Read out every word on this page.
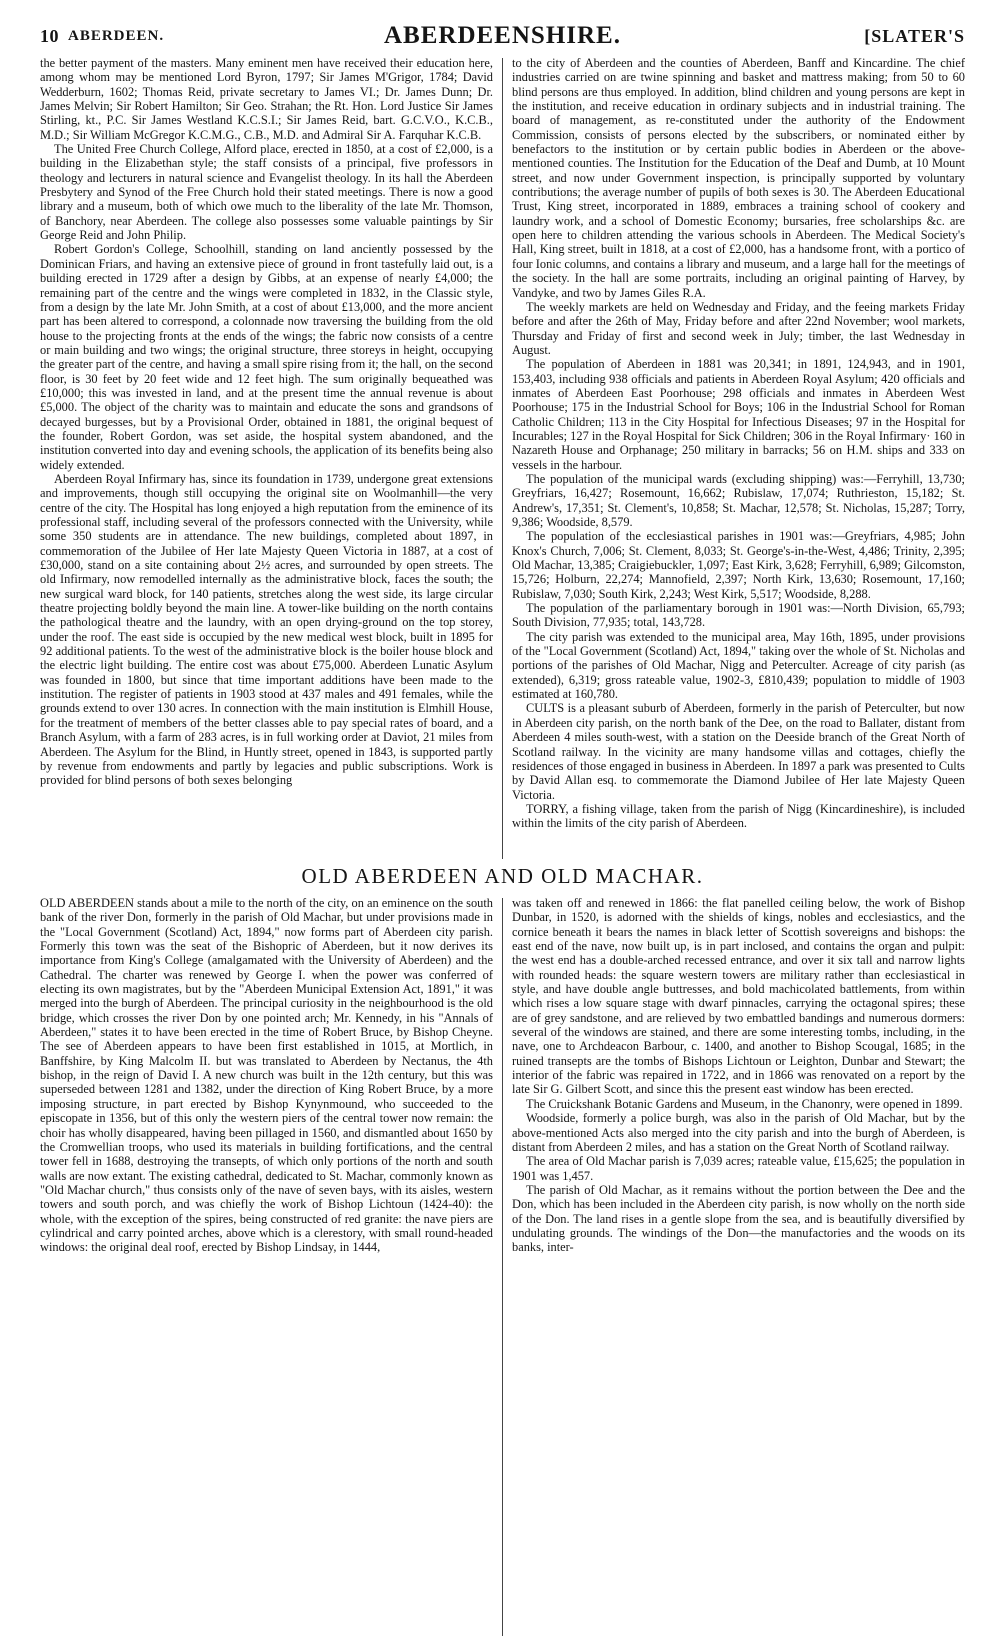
10 ABERDEEN.	ABERDEENSHIRE.	[SLATER'S

the better payment of the masters. Many eminent men have received their education here, among whom may be mentioned Lord Byron, 1797; Sir James M'Grigor, 1784; David Wedderburn, 1602; Thomas Reid, private secretary to James VI.; Dr. James Dunn; Dr. James Melvin; Sir Robert Hamilton; Sir Geo. Strahan; the Rt. Hon. Lord Justice Sir James Stirling, kt., P.C. Sir James Westland K.C.S.I.; Sir James Reid, bart. G.C.V.O., K.C.B., M.D.; Sir William McGregor K.C.M.G., C.B., M.D. and Admiral Sir A. Farquhar K.C.B.

The United Free Church College, Alford place, erected in 1850, at a cost of £2,000, is a building in the Elizabethan style; the staff consists of a principal, five professors in theology and lecturers in natural science and Evangelist theology. In its hall the Aberdeen Presbytery and Synod of the Free Church hold their stated meetings. There is now a good library and a museum, both of which owe much to the liberality of the late Mr. Thomson, of Banchory, near Aberdeen. The college also possesses some valuable paintings by Sir George Reid and John Philip.

Robert Gordon's College, Schoolhill, standing on land anciently possessed by the Dominican Friars, and having an extensive piece of ground in front tastefully laid out, is a building erected in 1729 after a design by Gibbs, at an expense of nearly £4,000; the remaining part of the centre and the wings were completed in 1832, in the Classic style, from a design by the late Mr. John Smith, at a cost of about £13,000, and the more ancient part has been altered to correspond, a colonnade now traversing the building from the old house to the projecting fronts at the ends of the wings; the fabric now consists of a centre or main building and two wings; the original structure, three storeys in height, occupying the greater part of the centre, and having a small spire rising from it; the hall, on the second floor, is 30 feet by 20 feet wide and 12 feet high. The sum originally bequeathed was £10,000; this was invested in land, and at the present time the annual revenue is about £5,000. The object of the charity was to maintain and educate the sons and grandsons of decayed burgesses, but by a Provisional Order, obtained in 1881, the original bequest of the founder, Robert Gordon, was set aside, the hospital system abandoned, and the institution converted into day and evening schools, the application of its benefits being also widely extended.

Aberdeen Royal Infirmary has, since its foundation in 1739, undergone great extensions and improvements, though still occupying the original site on Woolmanhill—the very centre of the city. The Hospital has long enjoyed a high reputation from the eminence of its professional staff, including several of the professors connected with the University, while some 350 students are in attendance. The new buildings, completed about 1897, in commemoration of the Jubilee of Her late Majesty Queen Victoria in 1887, at a cost of £30,000, stand on a site containing about 2½ acres, and surrounded by open streets. The old Infirmary, now remodelled internally as the administrative block, faces the south; the new surgical ward block, for 140 patients, stretches along the west side, its large circular theatre projecting boldly beyond the main line. A tower-like building on the north contains the pathological theatre and the laundry, with an open drying-ground on the top storey, under the roof. The east side is occupied by the new medical west block, built in 1895 for 92 additional patients. To the west of the administrative block is the boiler house block and the electric light building. The entire cost was about £75,000. Aberdeen Lunatic Asylum was founded in 1800, but since that time important additions have been made to the institution. The register of patients in 1903 stood at 437 males and 491 females, while the grounds extend to over 130 acres. In connection with the main institution is Elmhill House, for the treatment of members of the better classes able to pay special rates of board, and a Branch Asylum, with a farm of 283 acres, is in full working order at Daviot, 21 miles from Aberdeen. The Asylum for the Blind, in Huntly street, opened in 1843, is supported partly by revenue from endowments and partly by legacies and public subscriptions. Work is provided for blind persons of both sexes belonging

to the city of Aberdeen and the counties of Aberdeen, Banff and Kincardine. The chief industries carried on are twine spinning and basket and mattress making; from 50 to 60 blind persons are thus employed. In addition, blind children and young persons are kept in the institution, and receive education in ordinary subjects and in industrial training. The board of management, as re-constituted under the authority of the Endowment Commission, consists of persons elected by the subscribers, or nominated either by benefactors to the institution or by certain public bodies in Aberdeen or the above-mentioned counties. The Institution for the Education of the Deaf and Dumb, at 10 Mount street, and now under Government inspection, is principally supported by voluntary contributions; the average number of pupils of both sexes is 30. The Aberdeen Educational Trust, King street, incorporated in 1889, embraces a training school of cookery and laundry work, and a school of Domestic Economy; bursaries, free scholarships &c. are open here to children attending the various schools in Aberdeen. The Medical Society's Hall, King street, built in 1818, at a cost of £2,000, has a handsome front, with a portico of four Ionic columns, and contains a library and museum, and a large hall for the meetings of the society. In the hall are some portraits, including an original painting of Harvey, by Vandyke, and two by James Giles R.A.

The weekly markets are held on Wednesday and Friday, and the feeing markets Friday before and after the 26th of May, Friday before and after 22nd November; wool markets, Thursday and Friday of first and second week in July; timber, the last Wednesday in August.

The population of Aberdeen in 1881 was 20,341; in 1891, 124,943, and in 1901, 153,403, including 938 officials and patients in Aberdeen Royal Asylum; 420 officials and inmates of Aberdeen East Poorhouse; 298 officials and inmates in Aberdeen West Poorhouse; 175 in the Industrial School for Boys; 106 in the Industrial School for Roman Catholic Children; 113 in the City Hospital for Infectious Diseases; 97 in the Hospital for Incurables; 127 in the Royal Hospital for Sick Children; 306 in the Royal Infirmary· 160 in Nazareth House and Orphanage; 250 military in barracks; 56 on H.M. ships and 333 on vessels in the harbour.

The population of the municipal wards (excluding shipping) was:—Ferryhill, 13,730; Greyfriars, 16,427; Rosemount, 16,662; Rubislaw, 17,074; Ruthrieston, 15,182; St. Andrew's, 17,351; St. Clement's, 10,858; St. Machar, 12,578; St. Nicholas, 15,287; Torry, 9,386; Woodside, 8,579.

The population of the ecclesiastical parishes in 1901 was:—Greyfriars, 4,985; John Knox's Church, 7,006; St. Clement, 8,033; St. George's-in-the-West, 4,486; Trinity, 2,395; Old Machar, 13,385; Craigiebuckler, 1,097; East Kirk, 3,628; Ferryhill, 6,989; Gilcomston, 15,726; Holburn, 22,274; Mannofield, 2,397; North Kirk, 13,630; Rosemount, 17,160; Rubislaw, 7,030; South Kirk, 2,243; West Kirk, 5,517; Woodside, 8,288.

The population of the parliamentary borough in 1901 was:—North Division, 65,793; South Division, 77,935; total, 143,728.

The city parish was extended to the municipal area, May 16th, 1895, under provisions of the "Local Government (Scotland) Act, 1894," taking over the whole of St. Nicholas and portions of the parishes of Old Machar, Nigg and Peterculter. Acreage of city parish (as extended), 6,319; gross rateable value, 1902-3, £810,439; population to middle of 1903 estimated at 160,780.

CULTS is a pleasant suburb of Aberdeen, formerly in the parish of Peterculter, but now in Aberdeen city parish, on the north bank of the Dee, on the road to Ballater, distant from Aberdeen 4 miles south-west, with a station on the Deeside branch of the Great North of Scotland railway. In the vicinity are many handsome villas and cottages, chiefly the residences of those engaged in business in Aberdeen. In 1897 a park was presented to Cults by David Allan esq. to commemorate the Diamond Jubilee of Her late Majesty Queen Victoria.

TORRY, a fishing village, taken from the parish of Nigg (Kincardineshire), is included within the limits of the city parish of Aberdeen.

OLD ABERDEEN AND OLD MACHAR.

OLD ABERDEEN stands about a mile to the north of the city, on an eminence on the south bank of the river Don, formerly in the parish of Old Machar, but under provisions made in the "Local Government (Scotland) Act, 1894," now forms part of Aberdeen city parish. Formerly this town was the seat of the Bishopric of Aberdeen, but it now derives its importance from King's College (amalgamated with the University of Aberdeen) and the Cathedral. The charter was renewed by George I. when the power was conferred of electing its own magistrates, but by the "Aberdeen Municipal Extension Act, 1891," it was merged into the burgh of Aberdeen. The principal curiosity in the neighbourhood is the old bridge, which crosses the river Don by one pointed arch; Mr. Kennedy, in his "Annals of Aberdeen," states it to have been erected in the time of Robert Bruce, by Bishop Cheyne. The see of Aberdeen appears to have been first established in 1015, at Mortlich, in Banffshire, by King Malcolm II. but was translated to Aberdeen by Nectanus, the 4th bishop, in the reign of David I. A new church was built in the 12th century, but this was superseded between 1281 and 1382, under the direction of King Robert Bruce, by a more imposing structure, in part erected by Bishop Kynynmound, who succeeded to the episcopate in 1356, but of this only the western piers of the central tower now remain: the choir has wholly disappeared, having been pillaged in 1560, and dismantled about 1650 by the Cromwellian troops, who used its materials in building fortifications, and the central tower fell in 1688, destroying the transepts, of which only portions of the north and south walls are now extant. The existing cathedral, dedicated to St. Machar, commonly known as "Old Machar church," thus consists only of the nave of seven bays, with its aisles, western towers and south porch, and was chiefly the work of Bishop Lichtoun (1424-40): the whole, with the exception of the spires, being constructed of red granite: the nave piers are cylindrical and carry pointed arches, above which is a clerestory, with small round-headed windows: the original deal roof, erected by Bishop Lindsay, in 1444,

was taken off and renewed in 1866: the flat panelled ceiling below, the work of Bishop Dunbar, in 1520, is adorned with the shields of kings, nobles and ecclesiastics, and the cornice beneath it bears the names in black letter of Scottish sovereigns and bishops: the east end of the nave, now built up, is in part inclosed, and contains the organ and pulpit: the west end has a double-arched recessed entrance, and over it six tall and narrow lights with rounded heads: the square western towers are military rather than ecclesiastical in style, and have double angle buttresses, and bold machicolated battlements, from within which rises a low square stage with dwarf pinnacles, carrying the octagonal spires; these are of grey sandstone, and are relieved by two embattled bandings and numerous dormers: several of the windows are stained, and there are some interesting tombs, including, in the nave, one to Archdeacon Barbour, c. 1400, and another to Bishop Scougal, 1685; in the ruined transepts are the tombs of Bishops Lichtoun or Leighton, Dunbar and Stewart; the interior of the fabric was repaired in 1722, and in 1866 was renovated on a report by the late Sir G. Gilbert Scott, and since this the present east window has been erected.

The Cruickshank Botanic Gardens and Museum, in the Chanonry, were opened in 1899.

Woodside, formerly a police burgh, was also in the parish of Old Machar, but by the above-mentioned Acts also merged into the city parish and into the burgh of Aberdeen, is distant from Aberdeen 2 miles, and has a station on the Great North of Scotland railway.

The area of Old Machar parish is 7,039 acres; rateable value, £15,625; the population in 1901 was 1,457.

The parish of Old Machar, as it remains without the portion between the Dee and the Don, which has been included in the Aberdeen city parish, is now wholly on the north side of the Don. The land rises in a gentle slope from the sea, and is beautifully diversified by undulating grounds. The windings of the Don—the manufactories and the woods on its banks, inter-
